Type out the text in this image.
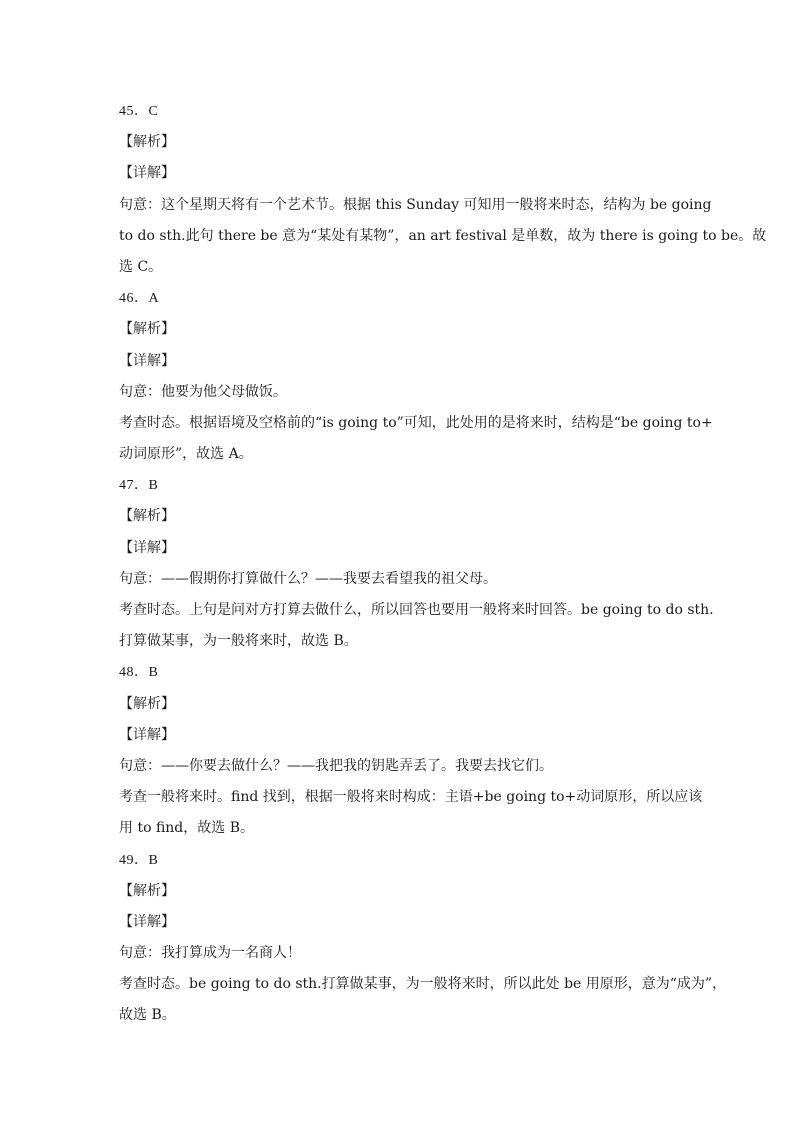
45．C
【解析】
【详解】
句意：这个星期天将有一个艺术节。根据 this Sunday 可知用一般将来时态，结构为 be going
to do sth.此句 there be 意为“某处有某物”，an art festival 是单数，故为 there is going to be。故
选 C。
46．A
【解析】
【详解】
句意：他要为他父母做饭。
考查时态。根据语境及空格前的“is going to”可知，此处用的是将来时，结构是“be going to+
动词原形”，故选 A。
47．B
【解析】
【详解】
句意：——假期你打算做什么？——我要去看望我的祖父母。
考查时态。上句是问对方打算去做什么，所以回答也要用一般将来时回答。be going to do sth.
打算做某事，为一般将来时，故选 B。
48．B
【解析】
【详解】
句意：——你要去做什么？——我把我的钥匙弄丢了。我要去找它们。
考查一般将来时。find 找到，根据一般将来时构成：主语+be going to+动词原形，所以应该
用 to find，故选 B。
49．B
【解析】
【详解】
句意：我打算成为一名商人！
考查时态。be going to do sth.打算做某事，为一般将来时，所以此处 be 用原形，意为“成为”，
故选 B。
